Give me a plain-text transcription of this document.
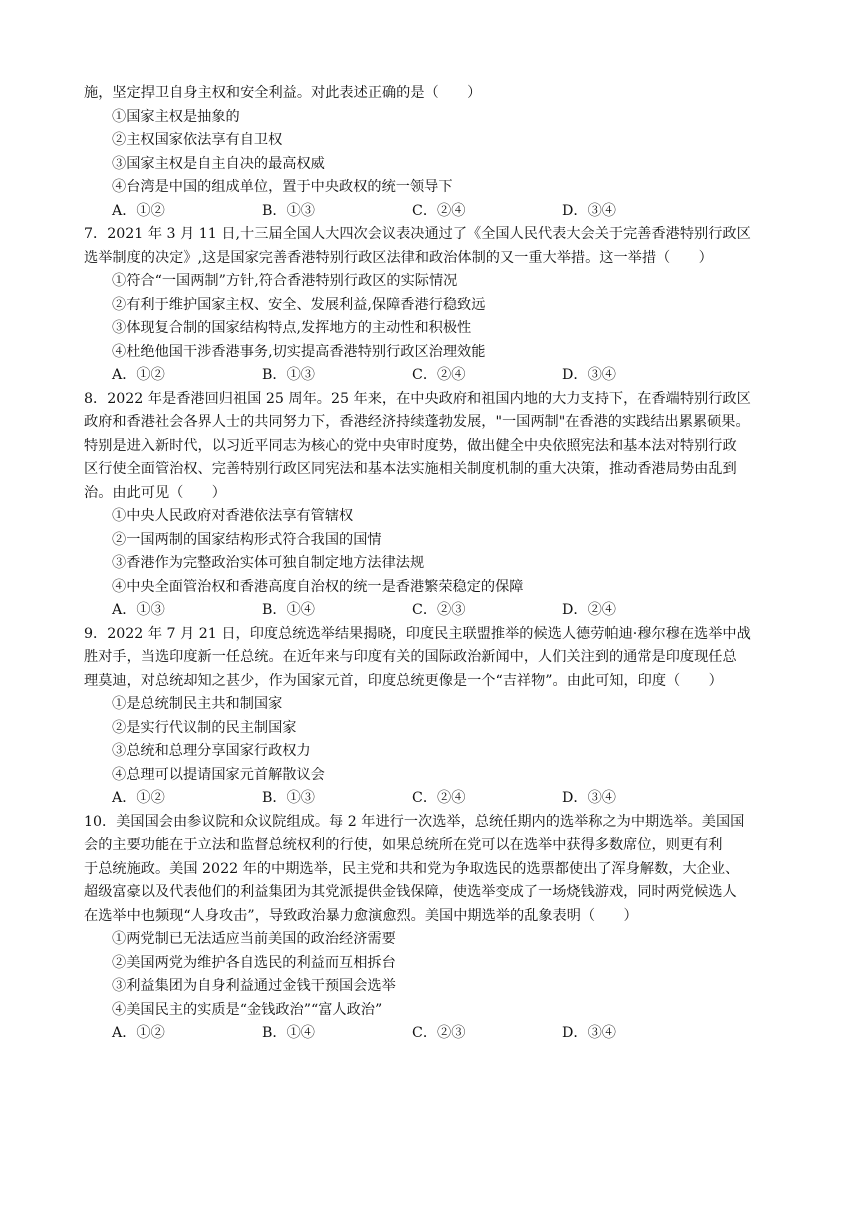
施，坚定捍卫自身主权和安全利益。对此表述正确的是（　　）
①国家主权是抽象的
②主权国家依法享有自卫权
③国家主权是自主自决的最高权威
④台湾是中国的组成单位，置于中央政权的统一领导下
A．①②	B．①③	C．②④	D．③④
7．2021 年 3 月 11 日,十三届全国人大四次会议表决通过了《全国人民代表大会关于完善香港特别行政区
选举制度的决定》,这是国家完善香港特别行政区法律和政治体制的又一重大举措。这一举措（　　）
①符合“一国两制”方针,符合香港特别行政区的实际情况
②有利于维护国家主权、安全、发展利益,保障香港行稳致远
③体现复合制的国家结构特点,发挥地方的主动性和积极性
④杜绝他国干涉香港事务,切实提高香港特别行政区治理效能
A．①②	B．①③	C．②④	D．③④
8．2022 年是香港回归祖国 25 周年。25 年来，在中央政府和祖国内地的大力支持下，在香端特别行政区
政府和香港社会各界人士的共同努力下，香港经济持续蓬勃发展，"一国两制"在香港的实践结出累累硕果。
特别是进入新时代，以习近平同志为核心的党中央审时度势，做出健全中央依照宪法和基本法对特别行政
区行使全面管治权、完善特别行政区同宪法和基本法实施相关制度机制的重大决策，推动香港局势由乱到
治。由此可见（　　）
①中央人民政府对香港依法享有管辖权
②一国两制的国家结构形式符合我国的国情
③香港作为完整政治实体可独自制定地方法律法规
④中央全面管治权和香港高度自治权的统一是香港繁荣稳定的保障
A．①③	B．①④	C．②③	D．②④
9．2022 年 7 月 21 日，印度总统选举结果揭晓，印度民主联盟推举的候选人德劳帕迪·穆尔穆在选举中战
胜对手，当选印度新一任总统。在近年来与印度有关的国际政治新闻中，人们关注到的通常是印度现任总
理莫迪，对总统却知之甚少，作为国家元首，印度总统更像是一个“吉祥物”。由此可知，印度（　　）
①是总统制民主共和制国家
②是实行代议制的民主制国家
③总统和总理分享国家行政权力
④总理可以提请国家元首解散议会
A．①②	B．①③	C．②④	D．③④
10．美国国会由参议院和众议院组成。每 2 年进行一次选举，总统任期内的选举称之为中期选举。美国国
会的主要功能在于立法和监督总统权利的行使，如果总统所在党可以在选举中获得多数席位，则更有利
于总统施政。美国 2022 年的中期选举，民主党和共和党为争取选民的选票都使出了浑身解数，大企业、
超级富豪以及代表他们的利益集团为其党派提供金钱保障，使选举变成了一场烧钱游戏，同时两党候选人
在选举中也频现“人身攻击”，导致政治暴力愈演愈烈。美国中期选举的乱象表明（　　）
①两党制已无法适应当前美国的政治经济需要
②美国两党为维护各自选民的利益而互相拆台
③利益集团为自身利益通过金钱干预国会选举
④美国民主的实质是“金钱政治”“富人政治”
A．①②	B．①④	C．②③	D．③④
